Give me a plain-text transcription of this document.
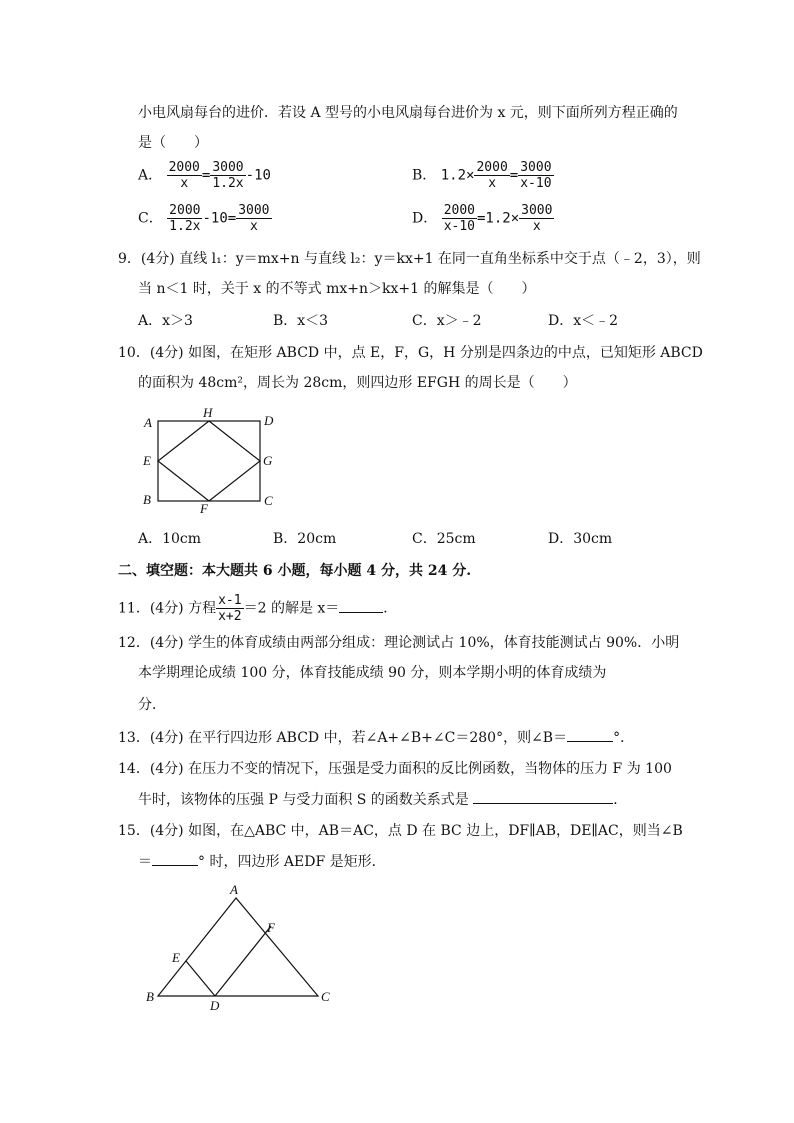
小电风扇每台的进价．若设 A 型号的小电风扇每台进价为 x 元，则下面所列方程正确的
是（　　）
A． $\frac{2000}{x} = \frac{3000}{1.2x} -10$	B． $1.2\times \frac{2000}{x} = \frac{3000}{x-10}$
C． $\frac{2000}{1.2x} -10= \frac{3000}{x}$	D． $\frac{2000}{x-10} =1.2\times \frac{3000}{x}$
9．(4分) 直线 l₁：y＝mx+n 与直线 l₂：y＝kx+1 在同一直角坐标系中交于点（﹣2，3），则
当 n＜1 时，关于 x 的不等式 mx+n＞kx+1 的解集是（　　）
A．x＞3	B．x＜3	C．x＞﹣2	D．x＜﹣2
10．(4分) 如图，在矩形 ABCD 中，点 E，F，G，H 分别是四条边的中点，已知矩形 ABCD
的面积为 48cm²，周长为 28cm，则四边形 EFGH 的周长是（　　）
A
H
D
E	G
B
F
C
A．10cm	B．20cm	C．25cm	D．30cm
二、填空题：本大题共 6 小题，每小题 4 分，共 24 分.
11．(4分) 方程 $\frac{x-1}{x+2} =2$ 的解是 x＝	．
12．(4分) 学生的体育成绩由两部分组成：理论测试占 10%，体育技能测试占 90%．小明
本学期理论成绩 100 分，体育技能成绩 90 分，则本学期小明的体育成绩为
分．
13．(4分) 在平行四边形 ABCD 中，若∠A+∠B+∠C＝280°，则∠B＝	°．
14．(4分) 在压力不变的情况下，压强是受力面积的反比例函数，当物体的压力 F 为 100
牛时，该物体的压强 P 与受力面积 S 的函数关系式是	．
15．(4分) 如图，在△ABC 中，AB＝AC，点 D 在 BC 边上，DF∥AB，DE∥AC，则当∠B
＝	° 时，四边形 AEDF 是矩形．
A
F
E
B
D
C
